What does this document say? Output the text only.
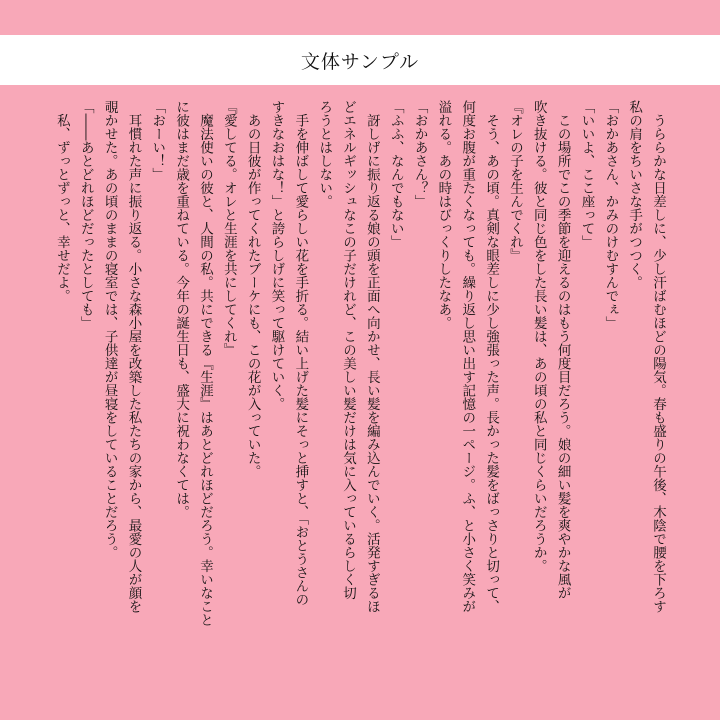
文体サンプル
　うららかな日差しに、少し汗ばむほどの陽気。春も盛りの午後、木陰で腰を下ろす
私の肩をちいさな手がつつく。
「おかあさん、かみのけむすんでぇ」
「いいよ、ここ座って」
　この場所でこの季節を迎えるのはもう何度目だろう。娘の細い髪を爽やかな風が
吹き抜ける。彼と同じ色をした長い髪は、あの頃の私と同じくらいだろうか。
『オレの子を生んでくれ』
　そう、あの頃。真剣な眼差しに少し強張った声。長かった髪をばっさりと切って、
何度お腹が重たくなっても。繰り返し思い出す記憶の一ページ。ふ、と小さく笑みが
溢れる。あの時はびっくりしたなあ。
「おかあさん？」
「ふふ、なんでもない」
　訝しげに振り返る娘の頭を正面へ向かせ、長い髪を編み込んでいく。活発すぎるほ
どエネルギッシュなこの子だけれど、この美しい髪だけは気に入っているらしく切
ろうとはしない。
　手を伸ばして愛らしい花を手折る。結い上げた髪にそっと挿すと、「おとうさんの
すきなおはな！」と誇らしげに笑って駆けていく。
　あの日彼が作ってくれたブーケにも、この花が入っていた。
『愛してる。オレと生涯を共にしてくれ』
　魔法使いの彼と、人間の私。共にできる『生涯』はあとどれほどだろう。幸いなこと
に彼はまだ歳を重ねている。今年の誕生日も、盛大に祝わなくては。
「おーい！」
　耳慣れた声に振り返る。小さな森小屋を改築した私たちの家から、最愛の人が顔を
覗かせた。あの頃のままの寝室では、子供達が昼寝をしていることだろう。
「――あとどれほどだったとしても」
　私、ずっとずっと、幸せだよ。
